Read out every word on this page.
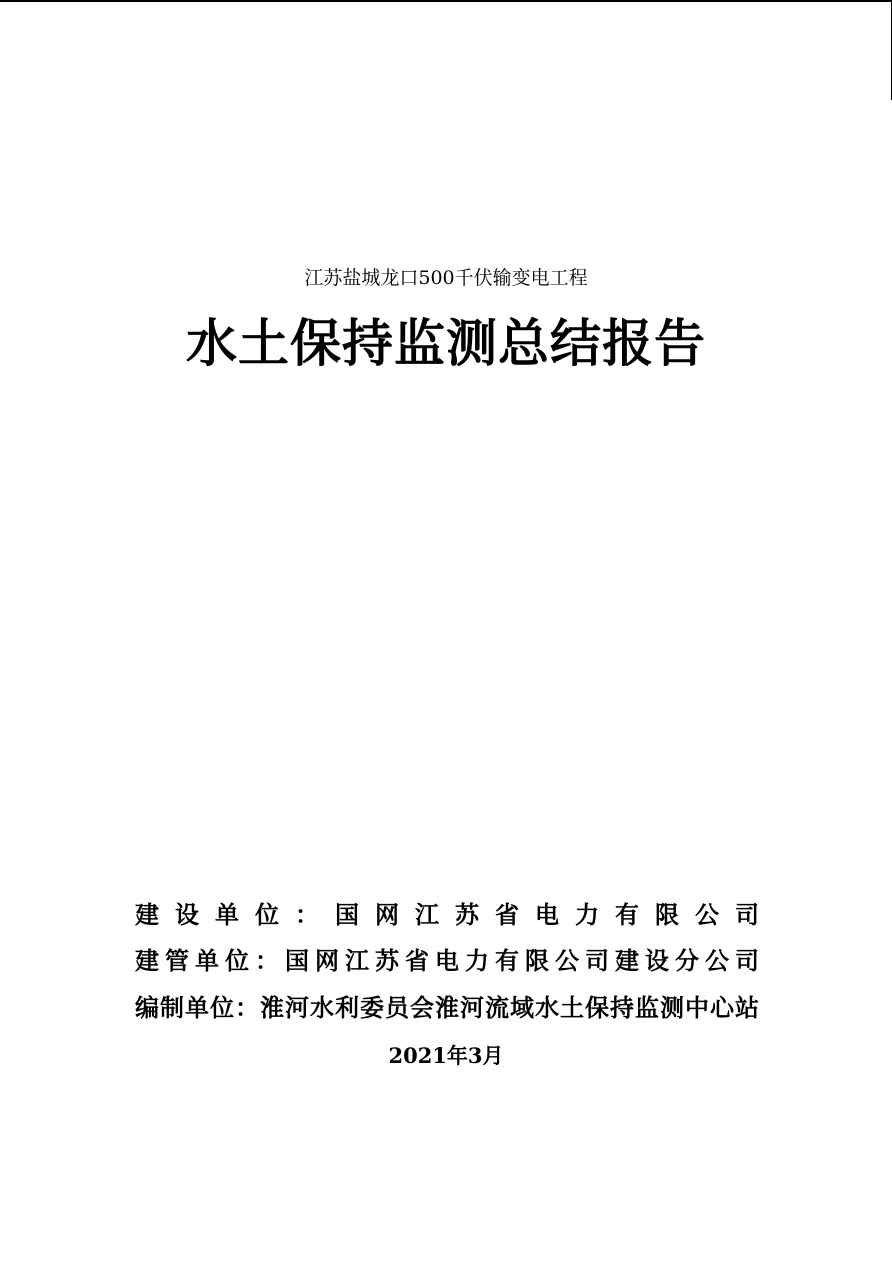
江苏盐城龙口500千伏输变电工程
水土保持监测总结报告
建 设 单 位 ： 国 网 江 苏 省 电 力 有 限 公 司
建管单位：国网江苏省电力有限公司建设分公司
编制单位：淮河水利委员会淮河流域水土保持监测中心站
2021年3月
